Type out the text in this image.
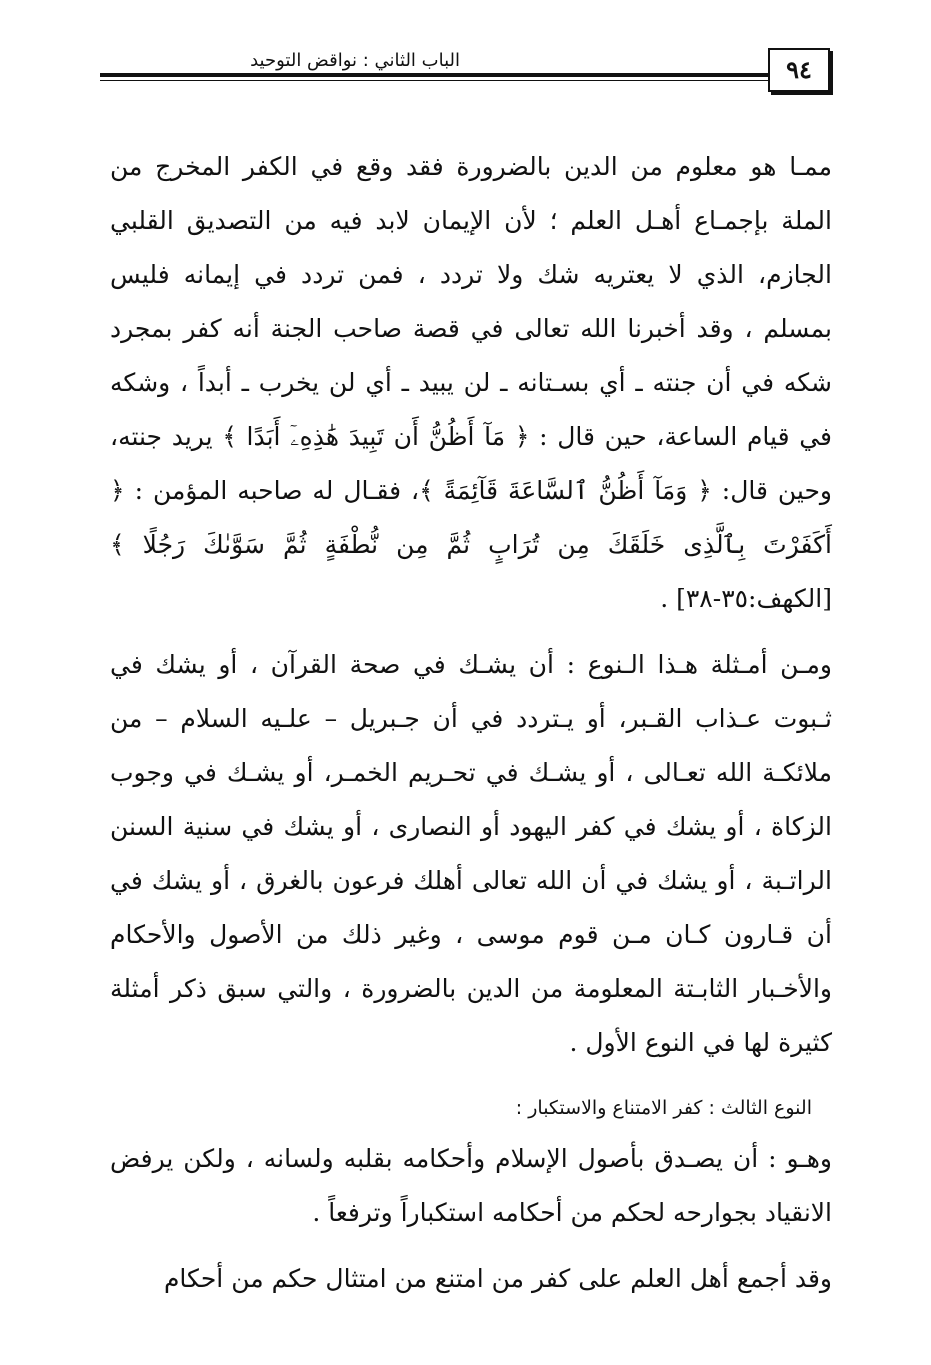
الباب الثاني : نواقض التوحيد	٩٤

ممـا هو معلوم من الدين بالضرورة فقد وقع في الكفر المخرج من الملة بإجمـاع أهـل العلم ؛ لأن الإيمان لابد فيه من التصديق القلبي الجازم، الذي لا يعتريه شك ولا تردد ، فمن تردد في إيمانه فليس بمسلم ، وقد أخبرنا الله تعالى في قصة صاحب الجنة أنه كفر بمجرد شكه في أن جنته ـ أي بسـتانه ـ لن يبيد ـ أي لن يخرب ـ أبداً ، وشكه في قيام الساعة، حين قال : ﴿ مَآ أَظُنُّ أَن تَبِيدَ هَٰذِهِۦٓ أَبَدًا ﴾ يريد جنته، وحين قال: ﴿ وَمَآ أَظُنُّ ٱلسَّاعَةَ قَآئِمَةً ﴾، فقـال له صاحبه المؤمن : ﴿ أَكَفَرْتَ بِٱلَّذِى خَلَقَكَ مِن تُرَابٍ ثُمَّ مِن نُّطْفَةٍ ثُمَّ سَوَّىٰكَ رَجُلًا ﴾ [الكهف:٣٥-٣٨] .

ومـن أمـثلة هـذا الـنوع : أن يشـك في صحة القرآن ، أو يشك في ثـبوت عـذاب القـبر، أو يـتردد في أن جـبريل – علـيه السلام – من ملائكـة الله تعـالى ، أو يشـك في تحـريم الخمـر، أو يشـك في وجوب الزكاة ، أو يشك في كفر اليهود أو النصارى ، أو يشك في سنية السنن الراتـبة ، أو يشك في أن الله تعالى أهلك فرعون بالغرق ، أو يشك في أن قـارون كـان مـن قوم موسى ، وغير ذلك من الأصول والأحكام والأخـبار الثابـتة المعلومة من الدين بالضرورة ، والتي سبق ذكر أمثلة كثيرة لها في النوع الأول .

النوع الثالث : كفر الامتناع والاستكبار :

وهـو : أن يصـدق بأصول الإسلام وأحكامه بقلبه ولسانه ، ولكن يرفض الانقياد بجوارحه لحكم من أحكامه استكباراً وترفعاً .

وقد أجمع أهل العلم على كفر من امتنع من امتثال حكم من أحكام
